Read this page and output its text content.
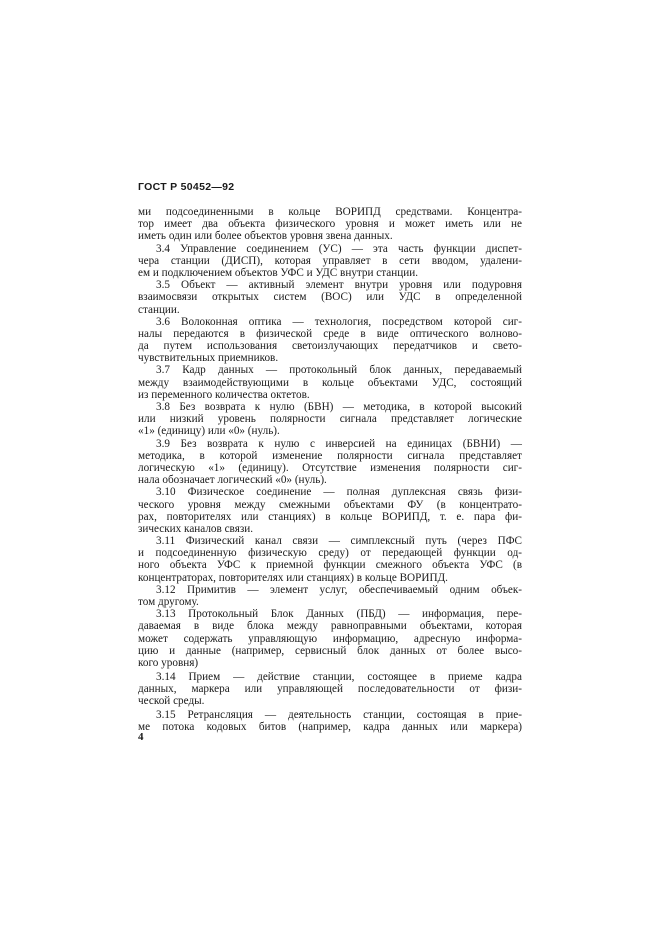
ГОСТ Р 50452—92
ми подсоединенными в кольце ВОРИПД средствами. Концентра-
тор имеет два объекта физического уровня и может иметь или не
иметь один или более объектов уровня звена данных.
3.4 Управление соединением (УС) — эта часть функции диспет-
чера станции (ДИСП), которая управляет в сети вводом, удалени-
ем и подключением объектов УФС и УДС внутри станции.
3.5 Объект — активный элемент внутри уровня или подуровня
взаимосвязи открытых систем (ВОС) или УДС в определенной
станции.
3.6 Волоконная оптика — технология, посредством которой сиг-
налы передаются в физической среде в виде оптического волново-
да путем использования светоизлучающих передатчиков и свето-
чувствительных приемников.
3.7 Кадр данных — протокольный блок данных, передаваемый
между взаимодействующими в кольце объектами УДС, состоящий
из переменного количества октетов.
3.8 Без возврата к нулю (БВН) — методика, в которой высокий
или низкий уровень полярности сигнала представляет логические
«1» (единицу) или «0» (нуль).
3.9 Без возврата к нулю с инверсией на единицах (БВНИ) —
методика, в которой изменение полярности сигнала представляет
логическую «1» (единицу). Отсутствие изменения полярности сиг-
нала обозначает логический «0» (нуль).
3.10 Физическое соединение — полная дуплексная связь физи-
ческого уровня между смежными объектами ФУ (в концентрато-
рах, повторителях или станциях) в кольце ВОРИПД, т. е. пара фи-
зических каналов связи.
3.11 Физический канал связи — симплексный путь (через ПФС
и подсоединенную физическую среду) от передающей функции од-
ного объекта УФС к приемной функции смежного объекта УФС (в
концентраторах, повторителях или станциях) в кольце ВОРИПД.
3.12 Примитив — элемент услуг, обеспечиваемый одним объек-
том другому.
3.13 Протокольный Блок Данных (ПБД) — информация, пере-
даваемая в виде блока между равноправными объектами, которая
может содержать управляющую информацию, адресную информа-
цию и данные (например, сервисный блок данных от более высо-
кого уровня)
3.14 Прием — действие станции, состоящее в приеме кадра
данных, маркера или управляющей последовательности от физи-
ческой среды.
3.15 Ретрансляция — деятельность станции, состоящая в прие-
ме потока кодовых битов (например, кадра данных или маркера)
4
